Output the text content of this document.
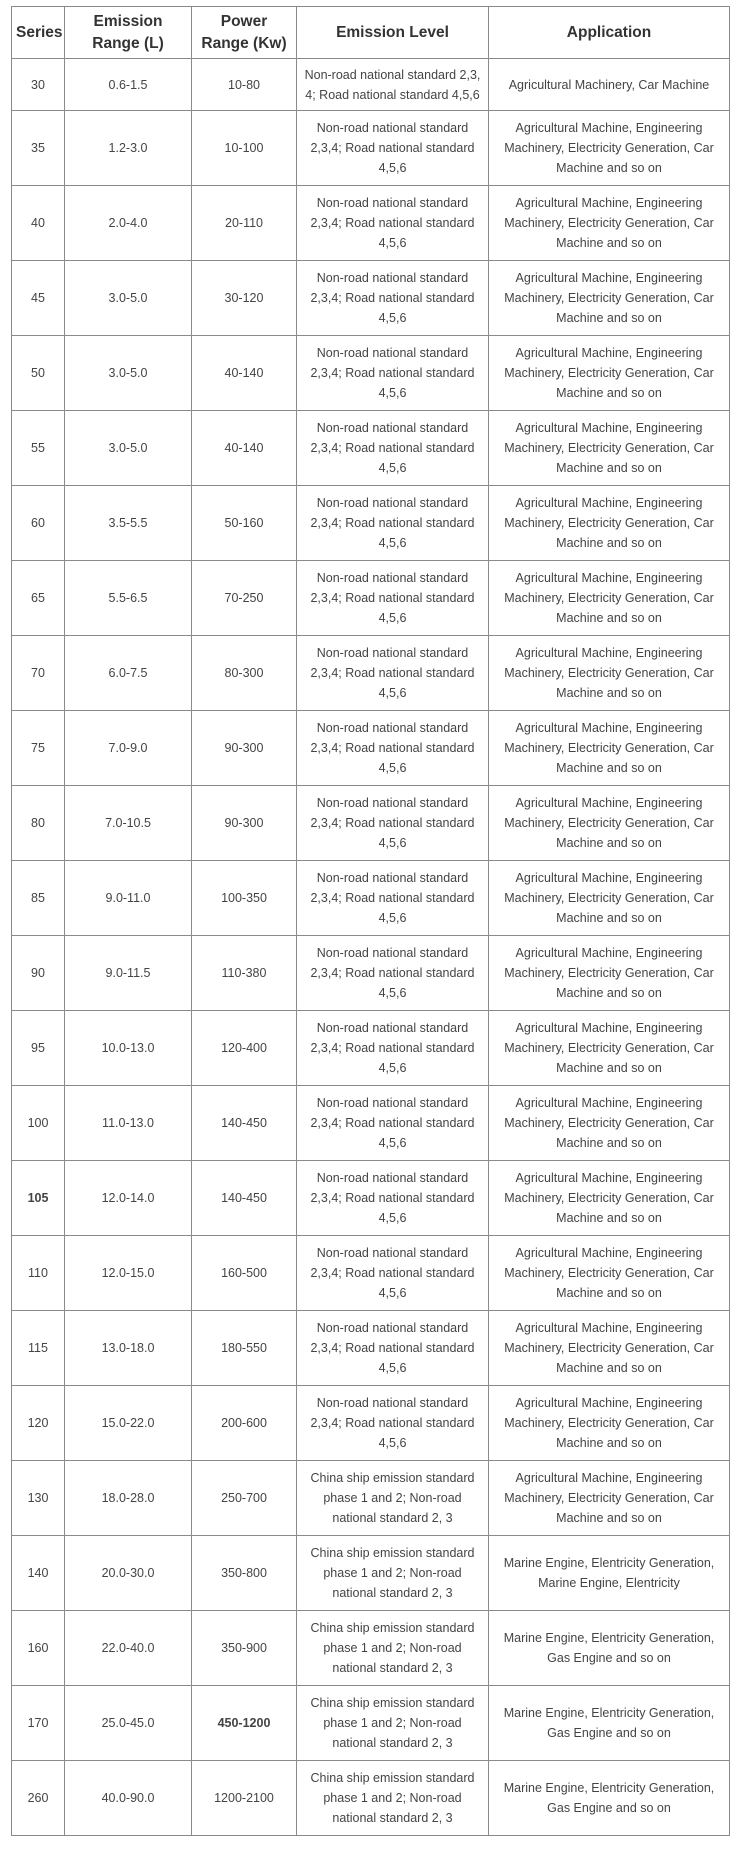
Series	Emission Range (L)	Power Range (Kw)	Emission Level	Application
30	0.6-1.5	10-80	Non-road national standard 2,3, 4; Road national standard 4,5,6	Agricultural Machinery, Car Machine
35	1.2-3.0	10-100	Non-road national standard 2,3,4; Road national standard 4,5,6	Agricultural Machine, Engineering Machinery, Electricity Generation, Car Machine and so on
40	2.0-4.0	20-110	Non-road national standard 2,3,4; Road national standard 4,5,6	Agricultural Machine, Engineering Machinery, Electricity Generation, Car Machine and so on
45	3.0-5.0	30-120	Non-road national standard 2,3,4; Road national standard 4,5,6	Agricultural Machine, Engineering Machinery, Electricity Generation, Car Machine and so on
50	3.0-5.0	40-140	Non-road national standard 2,3,4; Road national standard 4,5,6	Agricultural Machine, Engineering Machinery, Electricity Generation, Car Machine and so on
55	3.0-5.0	40-140	Non-road national standard 2,3,4; Road national standard 4,5,6	Agricultural Machine, Engineering Machinery, Electricity Generation, Car Machine and so on
60	3.5-5.5	50-160	Non-road national standard 2,3,4; Road national standard 4,5,6	Agricultural Machine, Engineering Machinery, Electricity Generation, Car Machine and so on
65	5.5-6.5	70-250	Non-road national standard 2,3,4; Road national standard 4,5,6	Agricultural Machine, Engineering Machinery, Electricity Generation, Car Machine and so on
70	6.0-7.5	80-300	Non-road national standard 2,3,4; Road national standard 4,5,6	Agricultural Machine, Engineering Machinery, Electricity Generation, Car Machine and so on
75	7.0-9.0	90-300	Non-road national standard 2,3,4; Road national standard 4,5,6	Agricultural Machine, Engineering Machinery, Electricity Generation, Car Machine and so on
80	7.0-10.5	90-300	Non-road national standard 2,3,4; Road national standard 4,5,6	Agricultural Machine, Engineering Machinery, Electricity Generation, Car Machine and so on
85	9.0-11.0	100-350	Non-road national standard 2,3,4; Road national standard 4,5,6	Agricultural Machine, Engineering Machinery, Electricity Generation, Car Machine and so on
90	9.0-11.5	110-380	Non-road national standard 2,3,4; Road national standard 4,5,6	Agricultural Machine, Engineering Machinery, Electricity Generation, Car Machine and so on
95	10.0-13.0	120-400	Non-road national standard 2,3,4; Road national standard 4,5,6	Agricultural Machine, Engineering Machinery, Electricity Generation, Car Machine and so on
100	11.0-13.0	140-450	Non-road national standard 2,3,4; Road national standard 4,5,6	Agricultural Machine, Engineering Machinery, Electricity Generation, Car Machine and so on
105	12.0-14.0	140-450	Non-road national standard 2,3,4; Road national standard 4,5,6	Agricultural Machine, Engineering Machinery, Electricity Generation, Car Machine and so on
110	12.0-15.0	160-500	Non-road national standard 2,3,4; Road national standard 4,5,6	Agricultural Machine, Engineering Machinery, Electricity Generation, Car Machine and so on
115	13.0-18.0	180-550	Non-road national standard 2,3,4; Road national standard 4,5,6	Agricultural Machine, Engineering Machinery, Electricity Generation, Car Machine and so on
120	15.0-22.0	200-600	Non-road national standard 2,3,4; Road national standard 4,5,6	Agricultural Machine, Engineering Machinery, Electricity Generation, Car Machine and so on
130	18.0-28.0	250-700	China ship emission standard phase 1 and 2; Non-road national standard 2, 3	Agricultural Machine, Engineering Machinery, Electricity Generation, Car Machine and so on
140	20.0-30.0	350-800	China ship emission standard phase 1 and 2; Non-road national standard 2, 3	Marine Engine, Elentricity Generation, Marine Engine, Elentricity
160	22.0-40.0	350-900	China ship emission standard phase 1 and 2; Non-road national standard 2, 3	Marine Engine, Elentricity Generation, Gas Engine and so on
170	25.0-45.0	450-1200	China ship emission standard phase 1 and 2; Non-road national standard 2, 3	Marine Engine, Elentricity Generation, Gas Engine and so on
260	40.0-90.0	1200-2100	China ship emission standard phase 1 and 2; Non-road national standard 2, 3	Marine Engine, Elentricity Generation, Gas Engine and so on
